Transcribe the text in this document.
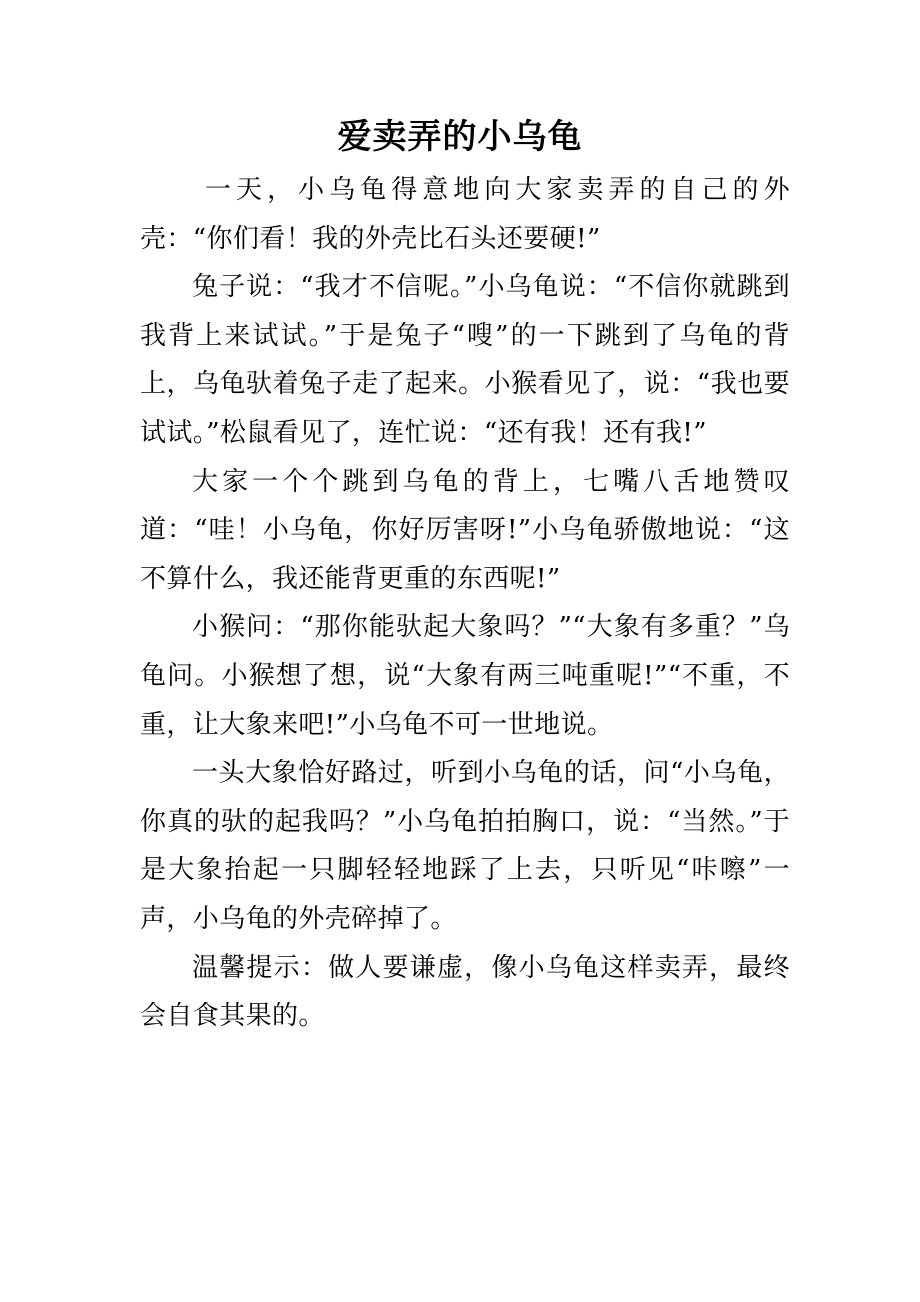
爱卖弄的小乌龟

一天，小乌龟得意地向大家卖弄的自己的外壳：“你们看！我的外壳比石头还要硬!”

兔子说：“我才不信呢。”小乌龟说：“不信你就跳到我背上来试试。”于是兔子“嗖”的一下跳到了乌龟的背上，乌龟驮着兔子走了起来。小猴看见了，说：“我也要试试。”松鼠看见了，连忙说：“还有我！还有我!”

大家一个个跳到乌龟的背上，七嘴八舌地赞叹道：“哇！小乌龟，你好厉害呀!”小乌龟骄傲地说：“这不算什么，我还能背更重的东西呢!”

小猴问：“那你能驮起大象吗？”“大象有多重？”乌龟问。小猴想了想，说“大象有两三吨重呢!”“不重，不重，让大象来吧!”小乌龟不可一世地说。

一头大象恰好路过，听到小乌龟的话，问“小乌龟，你真的驮的起我吗？”小乌龟拍拍胸口，说：“当然。”于是大象抬起一只脚轻轻地踩了上去，只听见“咔嚓”一声，小乌龟的外壳碎掉了。

温馨提示：做人要谦虚，像小乌龟这样卖弄，最终会自食其果的。
